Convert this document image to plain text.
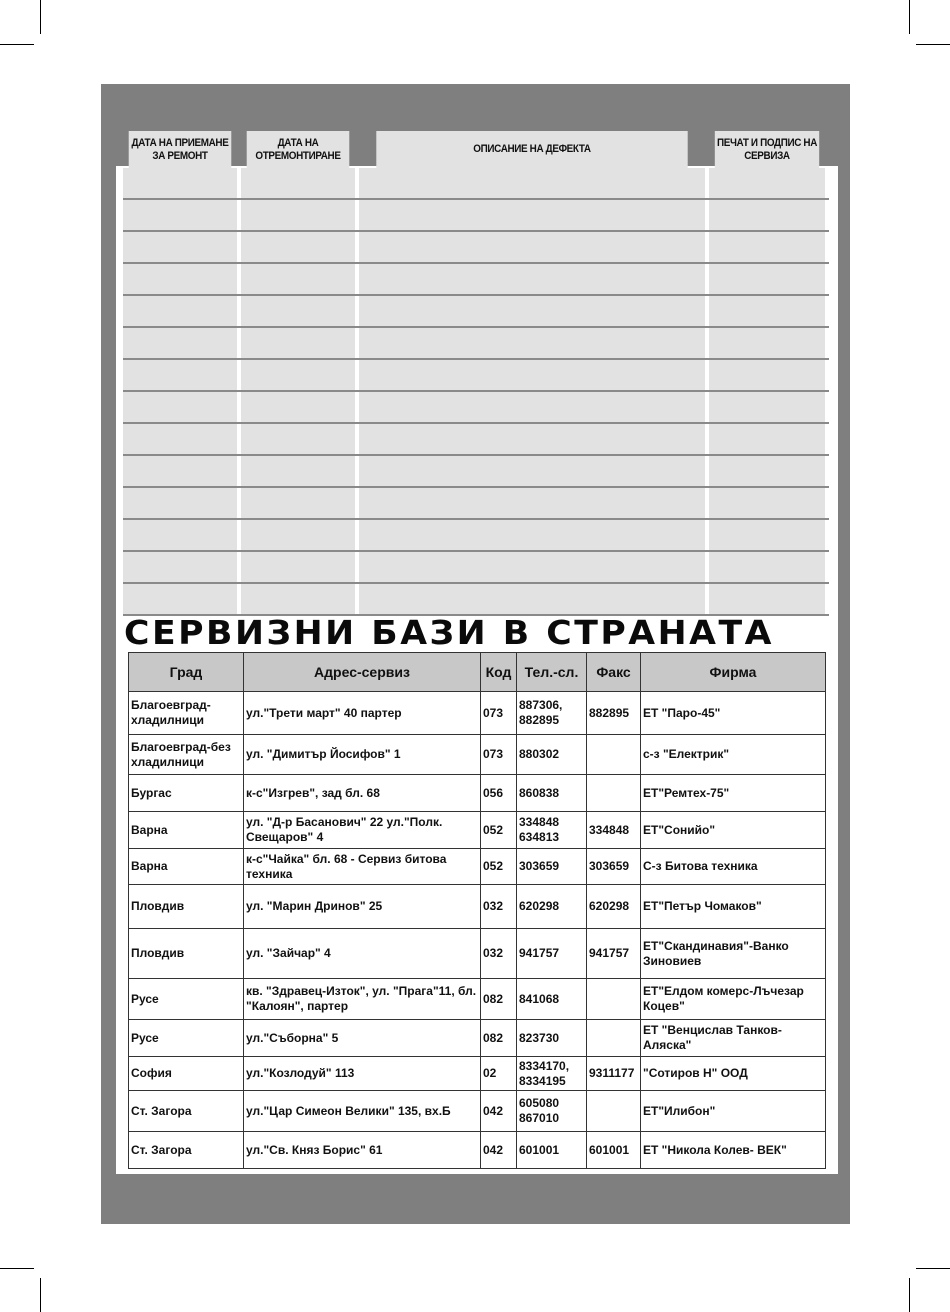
ДАТА НА ПРИЕМАНЕ ЗА РЕМОНТ
ДАТА НА ОТРЕМОНТИРАНЕ
ОПИСАНИЕ НА ДЕФЕКТА
ПЕЧАТ И ПОДПИС НА СЕРВИЗА
СЕРВИЗНИ БАЗИ В СТРАНАТА
Град	Адрес-сервиз	Код	Тел.-сл.	Факс	Фирма
Благоевград-хладилници	ул."Трети март" 40 партер	073	887306, 882895	882895	ЕТ "Паро-45"
Благоевград-без хладилници	ул. "Димитър Йосифов" 1	073	880302		с-з "Електрик"
Бургас	к-с"Изгрев", зад бл. 68	056	860838		ЕТ"Ремтех-75"
Варна	ул. "Д-р Басанович" 22 ул."Полк. Свещаров" 4	052	334848 634813	334848	ЕТ"Сонийо"
Варна	к-с"Чайка" бл. 68 - Сервиз битова техника	052	303659	303659	С-з Битова техника
Пловдив	ул. "Марин Дринов" 25	032	620298	620298	ЕТ"Петър Чомаков"
Пловдив	ул. "Зайчар" 4	032	941757	941757	ЕТ"Скандинавия"-Ванко Зиновиев
Русе	кв. "Здравец-Изток", ул. "Прага"11, бл. "Калоян", партер	082	841068		ЕТ"Елдом комерс-Лъчезар Коцев"
Русе	ул."Съборна" 5	082	823730		ЕТ "Венцислав Танков-Аляска"
София	ул."Козлодуй" 113	02	8334170, 8334195	9311177	"Сотиров Н" ООД
Ст. Загора	ул."Цар Симеон Велики" 135, вх.Б	042	605080 867010		ЕТ"Илибон"
Ст. Загора	ул."Св. Княз Борис" 61	042	601001	601001	ЕТ "Никола Колев- ВЕК"
